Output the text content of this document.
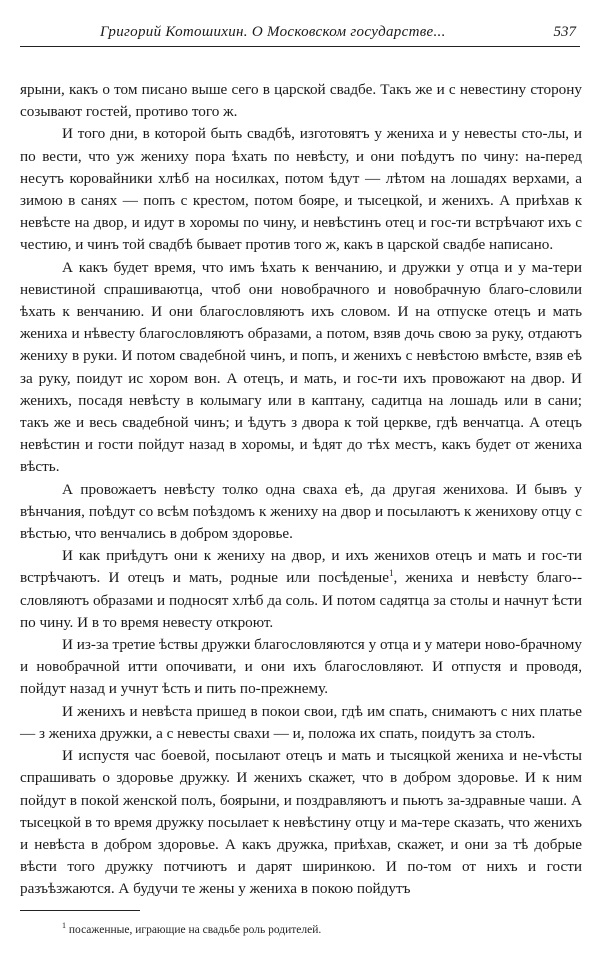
Григорий Котошихин. О Московском государстве...	537

ярыни, какъ о том писано выше сего в царской свадбе. Такъ же и с невестину сторону созывают гостей, противо того ж.

И того дни, в которой быть свадбѣ, изготовятъ у жениха и у невесты сто-лы, и по вести, что уж жениху пора ѣхать по невѣсту, и они поѣдутъ по чину: на-перед несутъ коровайники хлѣб на носилках, потом ѣдут — лѣтом на лошадях верхами, а зимою в санях — попъ с крестом, потом бояре, и тысецкой, и женихъ. А приѣхав к невѣсте на двор, и идут в хоромы по чину, и невѣстинъ отец и гос-ти встрѣчают ихъ с честию, и чинъ той свадбѣ бывает против того ж, какъ в царской свадбе написано.

А какъ будет время, что имъ ѣхать к венчанию, и дружки у отца и у ма-тери невистиной спрашиваютца, чтоб они новобрачного и новобрачную благо-словили ѣхать к венчанию. И они благословляютъ ихъ словом. И на отпуске отецъ и мать жениха и нѣвесту благословляютъ образами, а потом, взяв дочь свою за руку, отдаютъ жениху в руки. И потом свадебной чинъ, и попъ, и женихъ с невѣстою вмѣсте, взяв еѣ за руку, поидут ис хором вон. А отецъ, и мать, и гос-ти ихъ провожают на двор. И женихъ, посадя невѣсту в колымагу или в каптану, садитца на лошадь или в сани; такъ же и весь свадебной чинъ; и ѣдутъ з двора к той церкве, гдѣ венчатца. А отецъ невѣстин и гости пойдут назад в хоромы, и ѣдят до тѣх местъ, какъ будет от жениха вѣсть.

А провожаетъ невѣсту толко одна сваха еѣ, да другая женихова. И бывъ у вѣнчания, поѣдут со всѣм поѣздомъ к жениху на двор и посылаютъ к женихову отцу с вѣстью, что венчались в добром здоровье.

И как приѣдутъ они к жениху на двор, и ихъ женихов отецъ и мать и гос-ти встрѣчаютъ. И отецъ и мать, родные или посѣденые$^1$, жениха и невѣсту благо-словляютъ образами и подносят хлѣб да соль. И потом садятца за столы и начнут ѣсти по чину. И в то время невесту откроют.

И из-за третие ѣствы дружки благословляются у отца и у матери ново-брачному и новобрачной итти опочивати, и они ихъ благословляют. И отпустя и проводя, пойдут назад и учнут ѣсть и пить по-прежнему.

И женихъ и невѣста пришед в покои свои, гдѣ им спать, снимаютъ с них платье — з жениха дружки, а с невесты свахи — и, положа их спать, поидутъ за столъ.

И испустя час боевой, посылают отецъ и мать и тысяцкой жениха и не-vѣсты спрашивать о здоровье дружку. И женихъ скажет, что в добром здоровье. И к ним пойдут в покой женской полъ, боярыни, и поздравляютъ и пьютъ за-здравные чаши. А тысецкой в то время дружку посылает к невѣстину отцу и ма-тере сказать, что женихъ и невѣста в добром здоровье. А какъ дружка, приѣхав, скажет, и они за тѣ добрые вѣсти того дружку потчиютъ и дарят ширинкою. И по-том от нихъ и гости разъѣзжаются. А будучи те жены у жениха в покою пойдутъ

$^1$ посаженные, играющие на свадьбе роль родителей.
